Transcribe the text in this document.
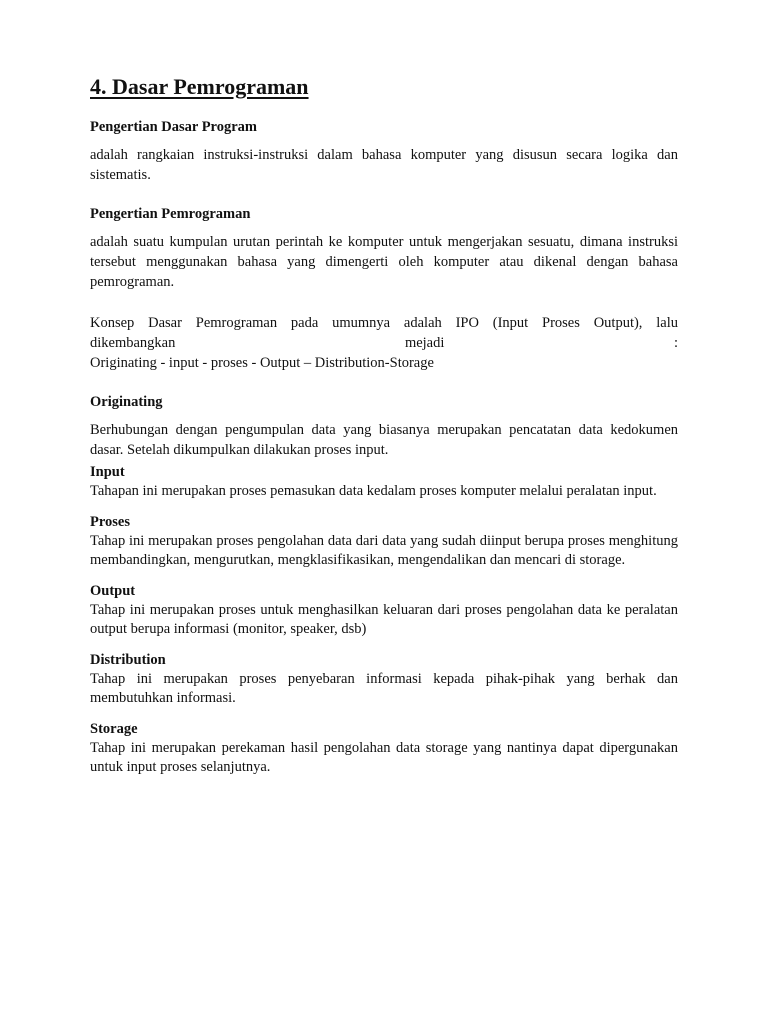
4. Dasar Pemrograman
Pengertian Dasar Program

adalah rangkaian instruksi-instruksi dalam bahasa komputer yang disusun secara logika dan sistematis.

Pengertian Pemrograman

adalah suatu kumpulan urutan perintah ke komputer untuk mengerjakan sesuatu, dimana instruksi tersebut menggunakan bahasa yang dimengerti oleh komputer atau dikenal dengan bahasa pemrograman.

Konsep Dasar Pemrograman pada umumnya adalah IPO (Input Proses Output), lalu
dikembangkan	mejadi	:
Originating - input - proses - Output – Distribution-Storage
Originating

Berhubungan dengan pengumpulan data yang biasanya merupakan pencatatan data kedokumen dasar. Setelah dikumpulkan dilakukan proses input.

Input

Tahapan ini merupakan proses pemasukan data kedalam proses komputer melalui peralatan input.

Proses

Tahap ini merupakan proses pengolahan data dari data yang sudah diinput berupa proses menghitung membandingkan, mengurutkan, mengklasifikasikan, mengendalikan dan mencari di storage.

Output

Tahap ini merupakan proses untuk menghasilkan keluaran dari proses pengolahan data ke peralatan output berupa informasi (monitor, speaker, dsb)

Distribution

Tahap ini merupakan proses penyebaran informasi kepada pihak-pihak yang berhak dan membutuhkan informasi.

Storage

Tahap ini merupakan perekaman hasil pengolahan data storage yang nantinya dapat dipergunakan untuk input proses selanjutnya.
